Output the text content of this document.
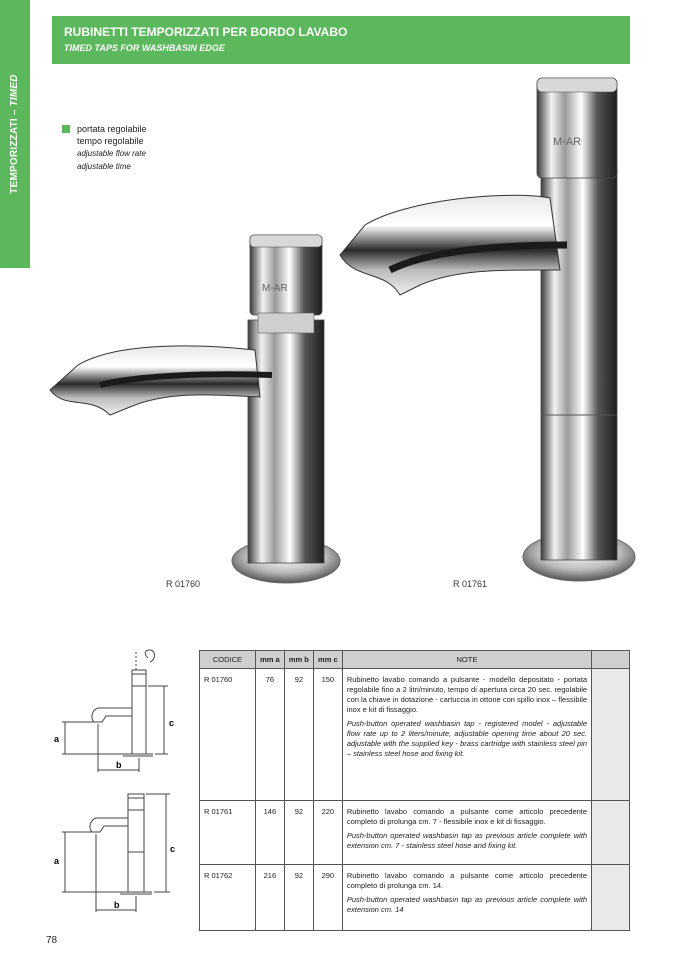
TEMPORIZZATI – TIMED
RUBINETTI TEMPORIZZATI PER BORDO LAVABO
TIMED TAPS FOR WASHBASIN EDGE
portata regolabile
tempo regolabile
adjustable flow rate
adjustable time
M-AR
R 01760
M-AR
R 01761
a
b
c
a
b
c
CODICE	mm a	mm b	mm c	NOTE	
R 01760	76	92	150	Rubinetto lavabo comando a pulsante - modello depositato - portata regolabile fino a 2 litri/minuto, tempo di apertura circa 20 sec. regolabile con la chiave in dotazione - cartuccia in ottone con spillo inox – flessibile inox e kit di fissaggio.

Push-button operated washbasin tap - registered model - adjustable flow rate up to 2 liters/minute, adjustable opening time about 20 sec. adjustable with the supplied key - brass cartridge with stainless steel pin – stainless steel hose and fixing kit.	

R 01761	146	92	220	Rubinetto lavabo comando a pulsante come articolo precedente completo di prolunga cm. 7 - flessibile inox e kit di fissaggio.

Push-button operated washbasin tap as previous article complete with extension cm. 7 - stainless steel hose and fixing kit.	

R 01762	216	92	290	Rubinetto lavabo comando a pulsante come articolo precedente completo di prolunga cm. 14.

Push-button operated washbasin tap as previous article complete with extension cm. 14	

78
